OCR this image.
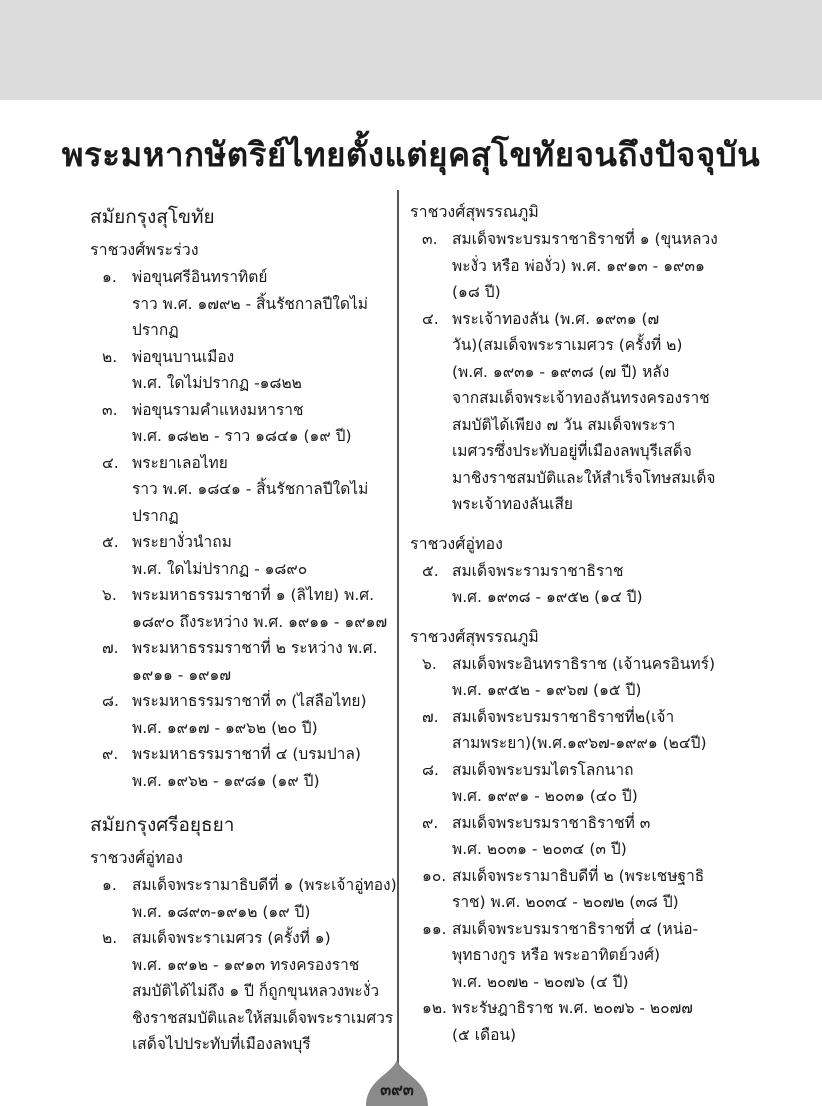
พระมหากษัตริย์ไทยตั้งแต่ยุคสุโขทัยจนถึงปัจจุบัน
สมัยกรุงสุโขทัย
ราชวงศ์พระร่วง
๑. พ่อขุนศรีอินทราทิตย์
ราว พ.ศ. ๑๗๙๒ - สิ้นรัชกาลปีใดไม่
ปรากฏ
๒. พ่อขุนบานเมือง
พ.ศ. ใดไม่ปรากฏ -๑๘๒๒
๓. พ่อขุนรามคำแหงมหาราช
พ.ศ. ๑๘๒๒ - ราว ๑๘๔๑ (๑๙ ปี)
๔. พระยาเลอไทย
ราว พ.ศ. ๑๘๔๑ - สิ้นรัชกาลปีใดไม่
ปรากฏ
๕. พระยางั่วนำถม
พ.ศ. ใดไม่ปรากฏ - ๑๘๙๐
๖. พระมหาธรรมราชาที่ ๑ (ลิไทย) พ.ศ.
๑๘๙๐ ถึงระหว่าง พ.ศ. ๑๙๑๑ - ๑๙๑๗
๗. พระมหาธรรมราชาที่ ๒ ระหว่าง พ.ศ.
๑๙๑๑ - ๑๙๑๗
๘. พระมหาธรรมราชาที่ ๓ (ไสลือไทย)
พ.ศ. ๑๙๑๗ - ๑๙๖๒ (๒๐ ปี)
๙. พระมหาธรรมราชาที่ ๔ (บรมปาล)
พ.ศ. ๑๙๖๒ - ๑๙๘๑ (๑๙ ปี)
สมัยกรุงศรีอยุธยา
ราชวงศ์อู่ทอง
๑. สมเด็จพระรามาธิบดีที่ ๑ (พระเจ้าอู่ทอง)
พ.ศ. ๑๘๙๓-๑๙๑๒ (๑๙ ปี)
๒. สมเด็จพระราเมศวร (ครั้งที่ ๑)
พ.ศ. ๑๙๑๒ - ๑๙๑๓ ทรงครองราช
สมบัติได้ไม่ถึง ๑ ปี ก็ถูกขุนหลวงพะงั่ว
ชิงราชสมบัติและให้สมเด็จพระราเมศวร
เสด็จไปประทับที่เมืองลพบุรี
ราชวงศ์สุพรรณภูมิ
๓. สมเด็จพระบรมราชาธิราชที่ ๑ (ขุนหลวง
พะงั่ว หรือ พ่องั่ว) พ.ศ. ๑๙๑๓ - ๑๙๓๑
(๑๘ ปี)
๔. พระเจ้าทองลัน (พ.ศ. ๑๙๓๑ (๗
วัน)(สมเด็จพระราเมศวร (ครั้งที่ ๒)
(พ.ศ. ๑๙๓๑ - ๑๙๓๘ (๗ ปี) หลัง
จากสมเด็จพระเจ้าทองลันทรงครองราช
สมบัติได้เพียง ๗ วัน สมเด็จพระรา
เมศวรซึ่งประทับอยู่ที่เมืองลพบุรีเสด็จ
มาชิงราชสมบัติและให้สำเร็จโทษสมเด็จ
พระเจ้าทองลันเสีย
ราชวงศ์อู่ทอง
๕. สมเด็จพระรามราชาธิราช
พ.ศ. ๑๙๓๘ - ๑๙๕๒ (๑๔ ปี)
ราชวงศ์สุพรรณภูมิ
๖. สมเด็จพระอินทราธิราช (เจ้านครอินทร์)
พ.ศ. ๑๙๕๒ - ๑๙๖๗ (๑๕ ปี)
๗. สมเด็จพระบรมราชาธิราชที่๒(เจ้า
สามพระยา)(พ.ศ.๑๙๖๗-๑๙๙๑ (๒๔ปี)
๘. สมเด็จพระบรมไตรโลกนาถ
พ.ศ. ๑๙๙๑ - ๒๐๓๑ (๔๐ ปี)
๙. สมเด็จพระบรมราชาธิราชที่ ๓
พ.ศ. ๒๐๓๑ - ๒๐๓๔ (๓ ปี)
๑๐. สมเด็จพระรามาธิบดีที่ ๒ (พระเชษฐาธิ
ราช) พ.ศ. ๒๐๓๔ - ๒๐๗๒ (๓๘ ปี)
๑๑. สมเด็จพระบรมราชาธิราชที่ ๔ (หน่อ-
พุทธางกูร หรือ พระอาทิตย์วงศ์)
พ.ศ. ๒๐๗๒ - ๒๐๗๖ (๔ ปี)
๑๒. พระรัษฎาธิราช พ.ศ. ๒๐๗๖ - ๒๐๗๗
(๕ เดือน)
๓๙๓
